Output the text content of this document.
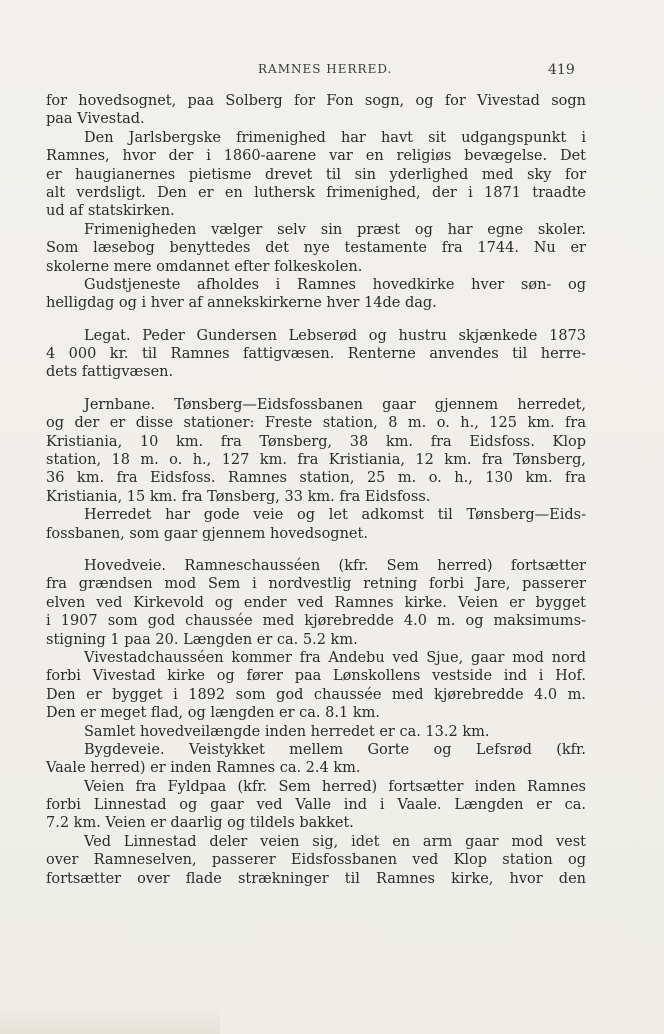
RAMNES HERRED.	419
for hovedsognet, paa Solberg for Fon sogn, og for Vivestad sogn
paa Vivestad.
Den Jarlsbergske frimenighed har havt sit udgangspunkt i
Ramnes, hvor der i 1860-aarene var en religiøs bevægelse. Det
er haugianernes pietisme drevet til sin yderlighed med sky for
alt verdsligt. Den er en luthersk frimenighed, der i 1871 traadte
ud af statskirken.
Frimenigheden vælger selv sin præst og har egne skoler.
Som læsebog benyttedes det nye testamente fra 1744. Nu er
skolerne mere omdannet efter folkeskolen.
Gudstjeneste afholdes i Ramnes hovedkirke hver søn- og
helligdag og i hver af annekskirkerne hver 14de dag.
Legat. Peder Gundersen Lebserød og hustru skjænkede 1873
4 000 kr. til Ramnes fattigvæsen. Renterne anvendes til herre-
dets fattigvæsen.
Jernbane. Tønsberg—Eidsfossbanen gaar gjennem herredet,
og der er disse stationer: Freste station, 8 m. o. h., 125 km. fra
Kristiania, 10 km. fra Tønsberg, 38 km. fra Eidsfoss. Klop
station, 18 m. o. h., 127 km. fra Kristiania, 12 km. fra Tønsberg,
36 km. fra Eidsfoss. Ramnes station, 25 m. o. h., 130 km. fra
Kristiania, 15 km. fra Tønsberg, 33 km. fra Eidsfoss.
Herredet har gode veie og let adkomst til Tønsberg—Eids-
fossbanen, som gaar gjennem hovedsognet.
Hovedveie. Ramneschausséen (kfr. Sem herred) fortsætter
fra grændsen mod Sem i nordvestlig retning forbi Jare, passerer
elven ved Kirkevold og ender ved Ramnes kirke. Veien er bygget
i 1907 som god chaussée med kjørebredde 4.0 m. og maksimums-
stigning 1 paa 20. Længden er ca. 5.2 km.
Vivestadchausséen kommer fra Andebu ved Sjue, gaar mod nord
forbi Vivestad kirke og fører paa Lønskollens vestside ind i Hof.
Den er bygget i 1892 som god chaussée med kjørebredde 4.0 m.
Den er meget flad, og længden er ca. 8.1 km.
Samlet hovedveilængde inden herredet er ca. 13.2 km.
Bygdeveie. Veistykket mellem Gorte og Lefsrød (kfr.
Vaale herred) er inden Ramnes ca. 2.4 km.
Veien fra Fyldpaa (kfr. Sem herred) fortsætter inden Ramnes
forbi Linnestad og gaar ved Valle ind i Vaale. Længden er ca.
7.2 km. Veien er daarlig og tildels bakket.
Ved Linnestad deler veien sig, idet en arm gaar mod vest
over Ramneselven, passerer Eidsfossbanen ved Klop station og
fortsætter over flade strækninger til Ramnes kirke, hvor den
